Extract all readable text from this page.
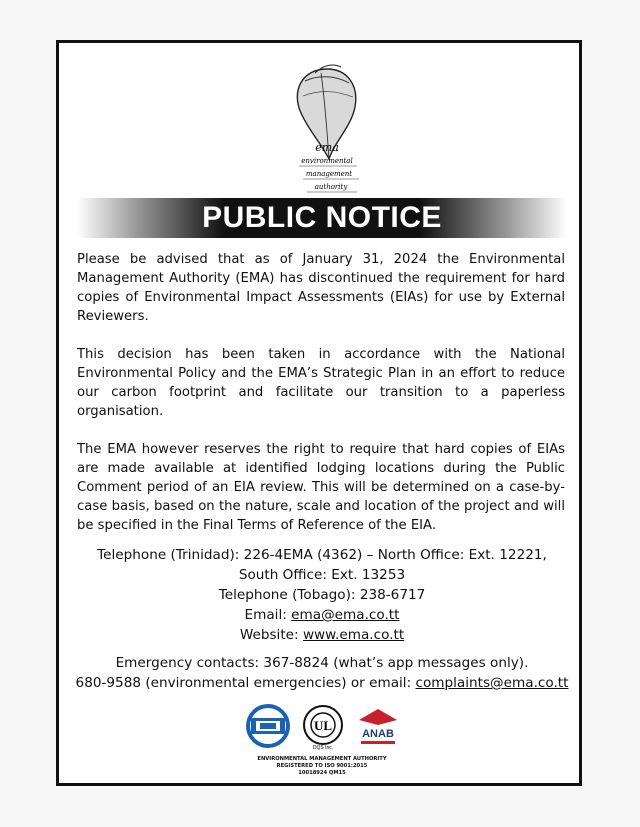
ema
environmental
management
authority
PUBLIC NOTICE

Please be advised that as of January 31, 2024 the Environmental Management Authority (EMA) has discontinued the requirement for hard copies of Environmental Impact Assessments (EIAs) for use by External Reviewers.

This decision has been taken in accordance with the National Environmental Policy and the EMA’s Strategic Plan in an effort to reduce our carbon footprint and facilitate our transition to a paperless organisation.

The EMA however reserves the right to require that hard copies of EIAs are made available at identified lodging locations during the Public Comment period of an EIA review. This will be determined on a case-by-case basis, based on the nature, scale and location of the project and will be specified in the Final Terms of Reference of the EIA.

Telephone (Trinidad): 226-4EMA (4362) – North Office: Ext. 12221,
South Office: Ext. 13253
Telephone (Tobago): 238-6717
Email: ema@ema.co.tt
Website: www.ema.co.tt
Emergency contacts: 367-8824 (what’s app messages only).
680-9588 (environmental emergencies) or email: complaints@ema.co.tt
UL
DQS Inc.
ANAB
ENVIRONMENTAL MANAGEMENT AUTHORITY
REGISTERED TO ISO 9001:2015
10018924 QM15
